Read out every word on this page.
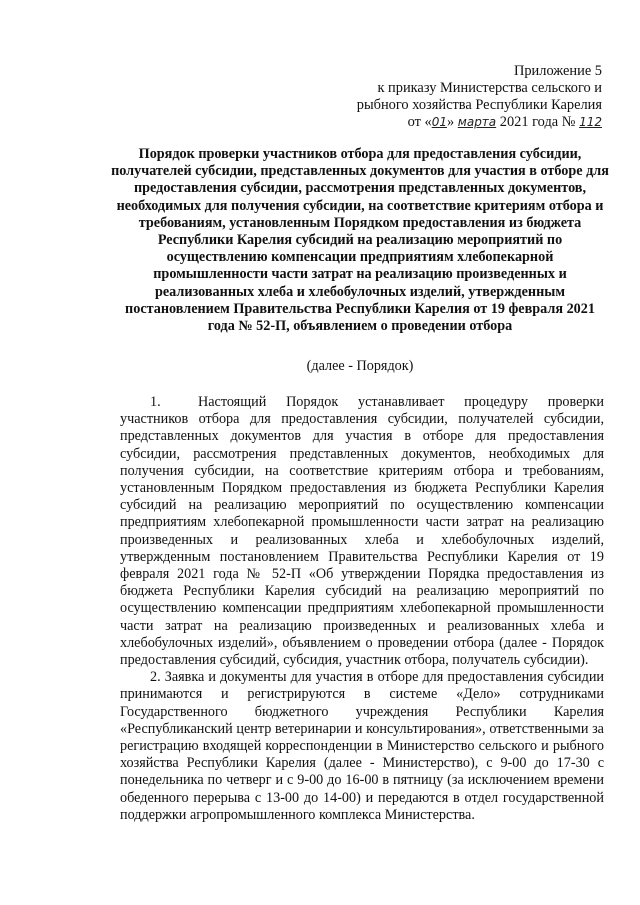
Приложение 5
к приказу Министерства сельского и
рыбного хозяйства Республики Карелия
от «01» марта 2021 года № 112
Порядок проверки участников отбора для предоставления субсидии, получателей субсидии, представленных документов для участия в отборе для предоставления субсидии, рассмотрения представленных документов, необходимых для получения субсидии, на соответствие критериям отбора и требованиям, установленным Порядком предоставления из бюджета Республики Карелия субсидий на реализацию мероприятий по осуществлению компенсации предприятиям хлебопекарной промышленности части затрат на реализацию произведенных и реализованных хлеба и хлебобулочных изделий, утвержденным постановлением Правительства Республики Карелия от 19 февраля 2021 года № 52-П, объявлением о проведении отбора
(далее - Порядок)

1.	Настоящий Порядок устанавливает процедуру проверки участников отбора для предоставления субсидии, получателей субсидии, представленных документов для участия в отборе для предоставления субсидии, рассмотрения представленных документов, необходимых для получения субсидии, на соответствие критериям отбора и требованиям, установленным Порядком предоставления из бюджета Республики Карелия субсидий на реализацию мероприятий по осуществлению компенсации предприятиям хлебопекарной промышленности части затрат на реализацию произведенных и реализованных хлеба и хлебобулочных изделий, утвержденным постановлением Правительства Республики Карелия от 19 февраля 2021 года № 52-П «Об утверждении Порядка предоставления из бюджета Республики Карелия субсидий на реализацию мероприятий по осуществлению компенсации предприятиям хлебопекарной промышленности части затрат на реализацию произведенных и реализованных хлеба и хлебобулочных изделий», объявлением о проведении отбора (далее - Порядок предоставления субсидий, субсидия, участник отбора, получатель субсидии).

2. Заявка и документы для участия в отборе для предоставления субсидии принимаются и регистрируются в системе «Дело» сотрудниками Государственного бюджетного учреждения Республики Карелия «Республиканский центр ветеринарии и консультирования», ответственными за регистрацию входящей корреспонденции в Министерство сельского и рыбного хозяйства Республики Карелия (далее - Министерство), с 9-00 до 17-30 с понедельника по четверг и с 9-00 до 16-00 в пятницу (за исключением времени обеденного перерыва с 13-00 до 14-00) и передаются в отдел государственной поддержки агропромышленного комплекса Министерства.
